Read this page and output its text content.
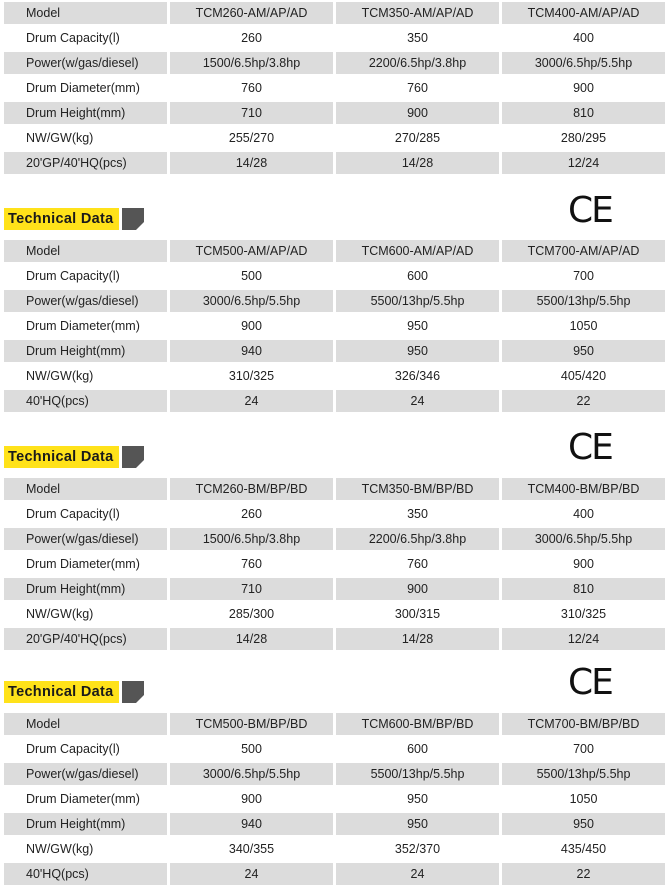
Model	TCM260-AM/AP/AD	TCM350-AM/AP/AD	TCM400-AM/AP/AD
Drum Capacity(l)	260	350	400
Power(w/gas/diesel)	1500/6.5hp/3.8hp	2200/6.5hp/3.8hp	3000/6.5hp/5.5hp
Drum Diameter(mm)	760	760	900
Drum Height(mm)	710	900	810
NW/GW(kg)	255/270	270/285	280/295
20'GP/40'HQ(pcs)	14/28	14/28	12/24
Technical Data	CE
Model	TCM500-AM/AP/AD	TCM600-AM/AP/AD	TCM700-AM/AP/AD
Drum Capacity(l)	500	600	700
Power(w/gas/diesel)	3000/6.5hp/5.5hp	5500/13hp/5.5hp	5500/13hp/5.5hp
Drum Diameter(mm)	900	950	1050
Drum Height(mm)	940	950	950
NW/GW(kg)	310/325	326/346	405/420
40'HQ(pcs)	24	24	22
Technical Data	CE
Model	TCM260-BM/BP/BD	TCM350-BM/BP/BD	TCM400-BM/BP/BD
Drum Capacity(l)	260	350	400
Power(w/gas/diesel)	1500/6.5hp/3.8hp	2200/6.5hp/3.8hp	3000/6.5hp/5.5hp
Drum Diameter(mm)	760	760	900
Drum Height(mm)	710	900	810
NW/GW(kg)	285/300	300/315	310/325
20'GP/40'HQ(pcs)	14/28	14/28	12/24
Technical Data	CE
Model	TCM500-BM/BP/BD	TCM600-BM/BP/BD	TCM700-BM/BP/BD
Drum Capacity(l)	500	600	700
Power(w/gas/diesel)	3000/6.5hp/5.5hp	5500/13hp/5.5hp	5500/13hp/5.5hp
Drum Diameter(mm)	900	950	1050
Drum Height(mm)	940	950	950
NW/GW(kg)	340/355	352/370	435/450
40'HQ(pcs)	24	24	22
